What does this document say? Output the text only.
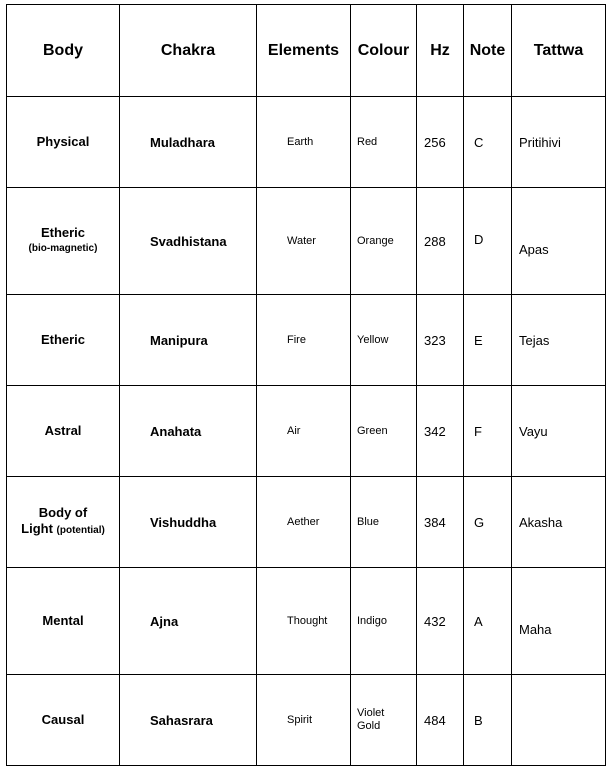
Body	Chakra	Elements	Colour	Hz	Note	Tattwa
Physical	Muladhara	Earth	Red	256	C	Pritihivi

Etheric
(bio-magnetic)	Svadhistana	Water	Orange	288	D	Apas
Etheric	Manipura	Fire	Yellow	323	E	Tejas
Astral	Anahata	Air	Green	342	F	Vayu

Body of
Light (potential)	Vishuddha	Aether	Blue	384	G	Akasha
Mental	Ajna	Thought	Indigo	432	A	Maha
Causal	Sahasrara	Spirit	Violet
Gold	484	B	
